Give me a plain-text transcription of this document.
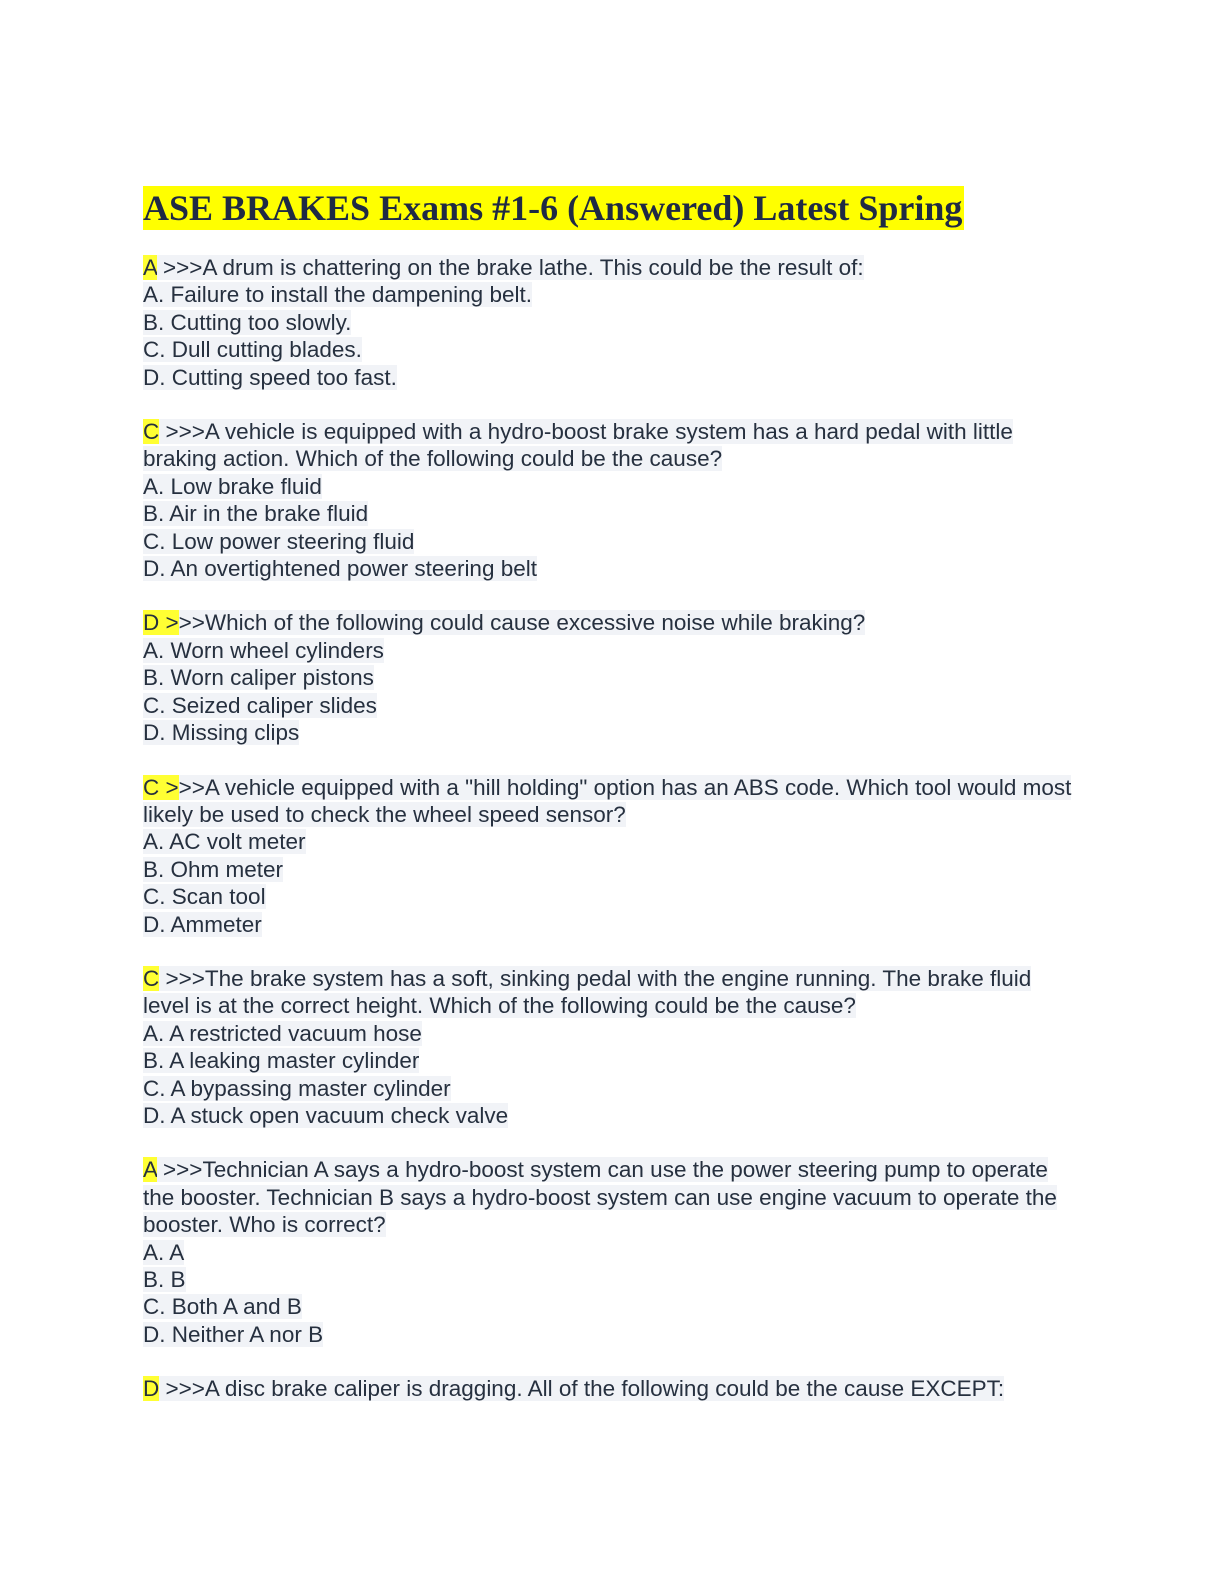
ASE BRAKES Exams #1-6 (Answered) Latest Spring

A >>>A drum is chattering on the brake lathe. This could be the result of:

A. Failure to install the dampening belt.
B. Cutting too slowly.
C. Dull cutting blades.
D. Cutting speed too fast.

C >>>A vehicle is equipped with a hydro-boost brake system has a hard pedal with little braking action. Which of the following could be the cause?

A. Low brake fluid
B. Air in the brake fluid
C. Low power steering fluid
D. An overtightened power steering belt

D >>>Which of the following could cause excessive noise while braking?

A. Worn wheel cylinders
B. Worn caliper pistons
C. Seized caliper slides
D. Missing clips

C >>>A vehicle equipped with a "hill holding" option has an ABS code. Which tool would most likely be used to check the wheel speed sensor?

A. AC volt meter
B. Ohm meter
C. Scan tool
D. Ammeter

C >>>The brake system has a soft, sinking pedal with the engine running. The brake fluid level is at the correct height. Which of the following could be the cause?

A. A restricted vacuum hose
B. A leaking master cylinder
C. A bypassing master cylinder
D. A stuck open vacuum check valve

A >>>Technician A says a hydro-boost system can use the power steering pump to operate the booster. Technician B says a hydro-boost system can use engine vacuum to operate the booster. Who is correct?

A. A
B. B
C. Both A and B
D. Neither A nor B

D >>>A disc brake caliper is dragging. All of the following could be the cause EXCEPT:
